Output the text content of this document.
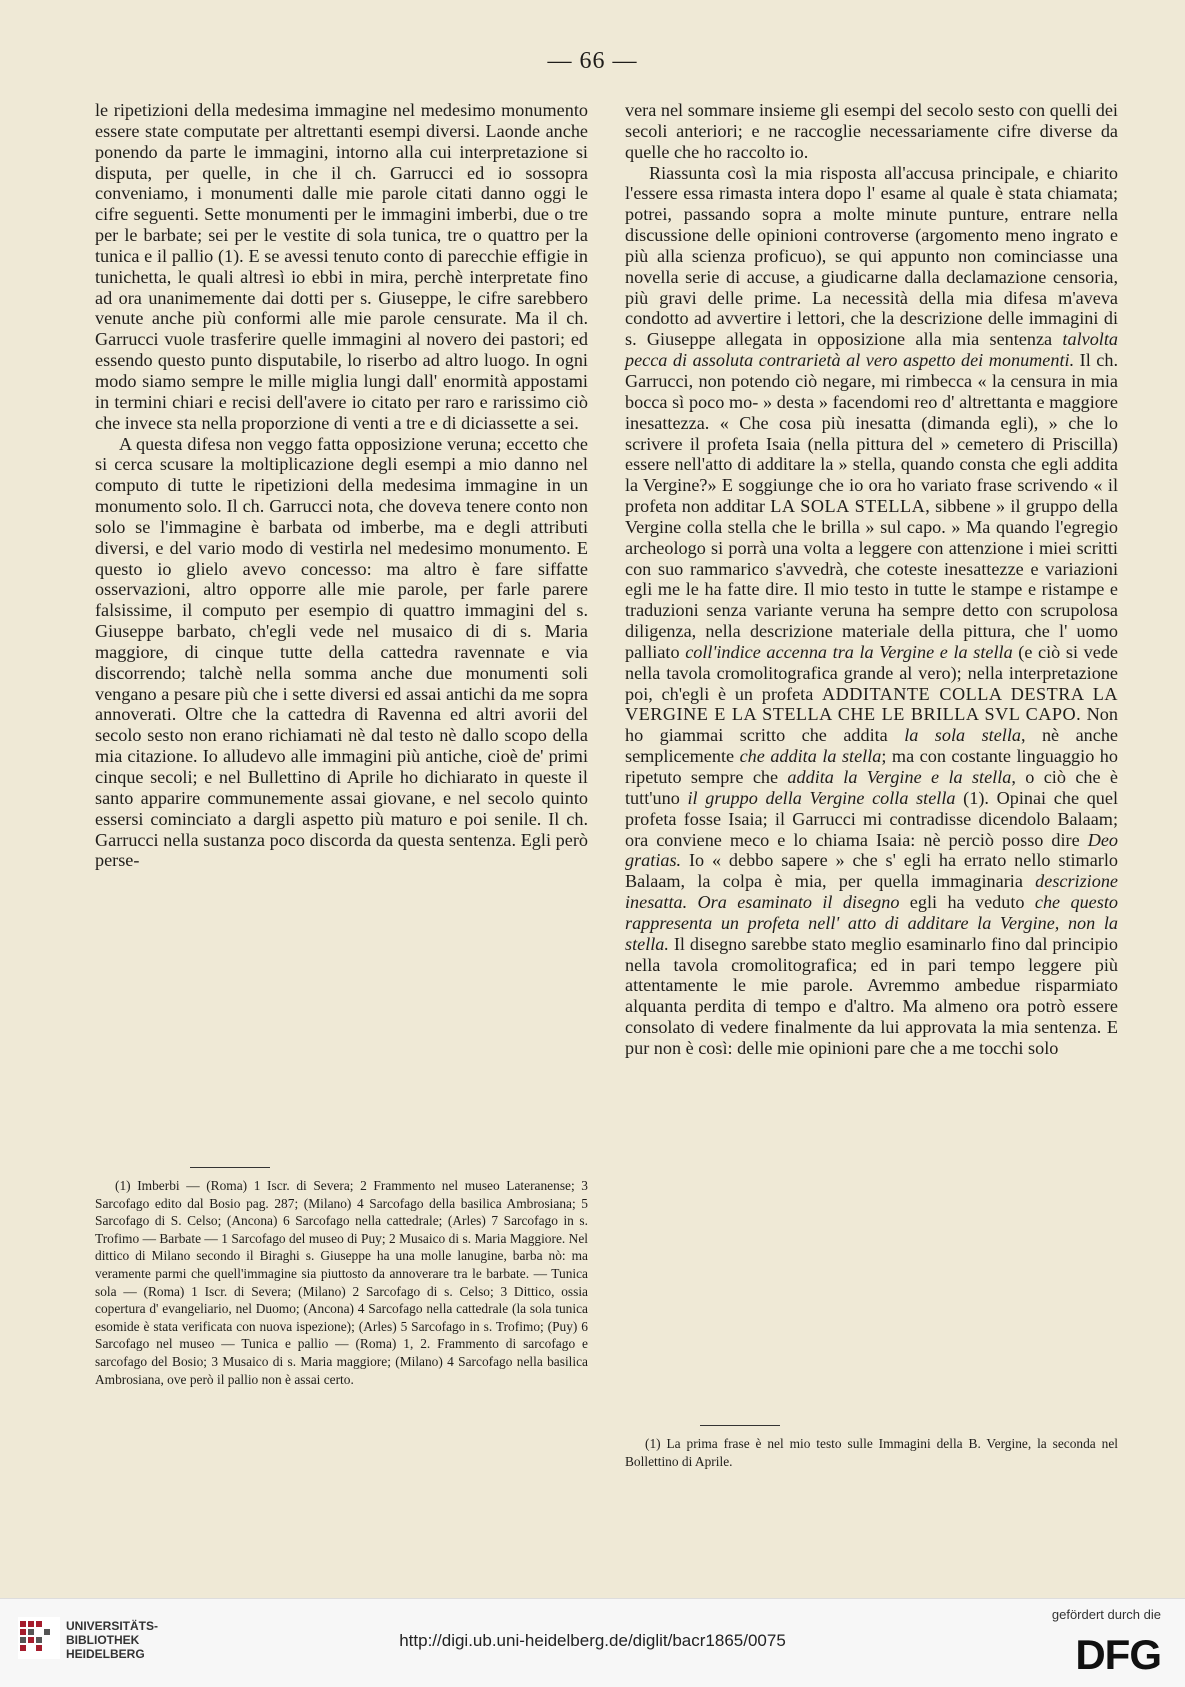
— 66 —

le ripetizioni della medesima immagine nel medesimo monumento essere state computate per altrettanti esempi diversi. Laonde anche ponendo da parte le immagini, intorno alla cui interpretazione si disputa, per quelle, in che il ch. Garrucci ed io sossopra conveniamo, i monumenti dalle mie parole citati danno oggi le cifre seguenti. Sette monumenti per le immagini imberbi, due o tre per le barbate; sei per le vestite di sola tunica, tre o quattro per la tunica e il pallio (1). E se avessi tenuto conto di parecchie effigie in tunichetta, le quali altresì io ebbi in mira, perchè interpretate fino ad ora unanimemente dai dotti per s. Giuseppe, le cifre sarebbero venute anche più conformi alle mie parole censurate. Ma il ch. Garrucci vuole trasferire quelle immagini al novero dei pastori; ed essendo questo punto disputabile, lo riserbo ad altro luogo. In ogni modo siamo sempre le mille miglia lungi dall' enormità appostami in termini chiari e recisi dell'avere io citato per raro e rarissimo ciò che invece sta nella proporzione di venti a tre e di diciassette a sei.

A questa difesa non veggo fatta opposizione veruna; eccetto che si cerca scusare la moltiplicazione degli esempi a mio danno nel computo di tutte le ripetizioni della medesima immagine in un monumento solo. Il ch. Garrucci nota, che doveva tenere conto non solo se l'immagine è barbata od imberbe, ma e degli attributi diversi, e del vario modo di vestirla nel medesimo monumento. E questo io glielo avevo concesso: ma altro è fare siffatte osservazioni, altro opporre alle mie parole, per farle parere falsissime, il computo per esempio di quattro immagini del s. Giuseppe barbato, ch'egli vede nel musaico di di s. Maria maggiore, di cinque tutte della cattedra ravennate e via discorrendo; talchè nella somma anche due monumenti soli vengano a pesare più che i sette diversi ed assai antichi da me sopra annoverati. Oltre che la cattedra di Ravenna ed altri avorii del secolo sesto non erano richiamati nè dal testo nè dallo scopo della mia citazione. Io alludevo alle immagini più antiche, cioè de' primi cinque secoli; e nel Bullettino di Aprile ho dichiarato in queste il santo apparire communemente assai giovane, e nel secolo quinto essersi cominciato a dargli aspetto più maturo e poi senile. Il ch. Garrucci nella sustanza poco discorda da questa sentenza. Egli però perse-

vera nel sommare insieme gli esempi del secolo sesto con quelli dei secoli anteriori; e ne raccoglie necessariamente cifre diverse da quelle che ho raccolto io.

Riassunta così la mia risposta all'accusa principale, e chiarito l'essere essa rimasta intera dopo l' esame al quale è stata chiamata; potrei, passando sopra a molte minute punture, entrare nella discussione delle opinioni controverse (argomento meno ingrato e più alla scienza proficuo), se qui appunto non cominciasse una novella serie di accuse, a giudicarne dalla declamazione censoria, più gravi delle prime. La necessità della mia difesa m'aveva condotto ad avvertire i lettori, che la descrizione delle immagini di s. Giuseppe allegata in opposizione alla mia sentenza talvolta pecca di assoluta contrarietà al vero aspetto dei monumenti. Il ch. Garrucci, non potendo ciò negare, mi rimbecca « la censura in mia bocca sì poco mo- » desta » facendomi reo d' altrettanta e maggiore inesattezza. « Che cosa più inesatta (dimanda egli), » che lo scrivere il profeta Isaia (nella pittura del » cemetero di Priscilla) essere nell'atto di additare la » stella, quando consta che egli addita la Vergine?» E soggiunge che io ora ho variato frase scrivendo « il profeta non additar LA SOLA STELLA, sibbene » il gruppo della Vergine colla stella che le brilla » sul capo. » Ma quando l'egregio archeologo si porrà una volta a leggere con attenzione i miei scritti con suo rammarico s'avvedrà, che coteste inesattezze e variazioni egli me le ha fatte dire. Il mio testo in tutte le stampe e ristampe e traduzioni senza variante veruna ha sempre detto con scrupolosa diligenza, nella descrizione materiale della pittura, che l' uomo palliato coll'indice accenna tra la Vergine e la stella (e ciò si vede nella tavola cromolitografica grande al vero); nella interpretazione poi, ch'egli è un profeta ADDITANTE COLLA DESTRA LA VERGINE E LA STELLA CHE LE BRILLA SVL CAPO. Non ho giammai scritto che addita la sola stella, nè anche semplicemente che addita la stella; ma con costante linguaggio ho ripetuto sempre che addita la Vergine e la stella, o ciò che è tutt'uno il gruppo della Vergine colla stella (1). Opinai che quel profeta fosse Isaia; il Garrucci mi contradisse dicendolo Balaam; ora conviene meco e lo chiama Isaia: nè perciò posso dire Deo gratias. Io « debbo sapere » che s' egli ha errato nello stimarlo Balaam, la colpa è mia, per quella immaginaria descrizione inesatta. Ora esaminato il disegno egli ha veduto che questo rappresenta un profeta nell' atto di additare la Vergine, non la stella. Il disegno sarebbe stato meglio esaminarlo fino dal principio nella tavola cromolitografica; ed in pari tempo leggere più attentamente le mie parole. Avremmo ambedue risparmiato alquanta perdita di tempo e d'altro. Ma almeno ora potrò essere consolato di vedere finalmente da lui approvata la mia sentenza. E pur non è così: delle mie opinioni pare che a me tocchi solo

(1) Imberbi — (Roma) 1 Iscr. di Severa; 2 Frammento nel museo Lateranense; 3 Sarcofago edito dal Bosio pag. 287; (Milano) 4 Sarcofago della basilica Ambrosiana; 5 Sarcofago di S. Celso; (Ancona) 6 Sarcofago nella cattedrale; (Arles) 7 Sarcofago in s. Trofimo — Barbate — 1 Sarcofago del museo di Puy; 2 Musaico di s. Maria Maggiore. Nel dittico di Milano secondo il Biraghi s. Giuseppe ha una molle lanugine, barba nò: ma veramente parmi che quell'immagine sia piuttosto da annoverare tra le barbate. — Tunica sola — (Roma) 1 Iscr. di Severa; (Milano) 2 Sarcofago di s. Celso; 3 Dittico, ossia copertura d' evangeliario, nel Duomo; (Ancona) 4 Sarcofago nella cattedrale (la sola tunica esomide è stata verificata con nuova ispezione); (Arles) 5 Sarcofago in s. Trofimo; (Puy) 6 Sarcofago nel museo — Tunica e pallio — (Roma) 1, 2. Frammento di sarcofago e sarcofago del Bosio; 3 Musaico di s. Maria maggiore; (Milano) 4 Sarcofago nella basilica Ambrosiana, ove però il pallio non è assai certo.

(1) La prima frase è nel mio testo sulle Immagini della B. Vergine, la seconda nel Bollettino di Aprile.

UNIVERSITÄTS-
BIBLIOTHEK
HEIDELBERG
http://digi.ub.uni-heidelberg.de/diglit/bacr1865/0075
gefördert durch die
DFG
